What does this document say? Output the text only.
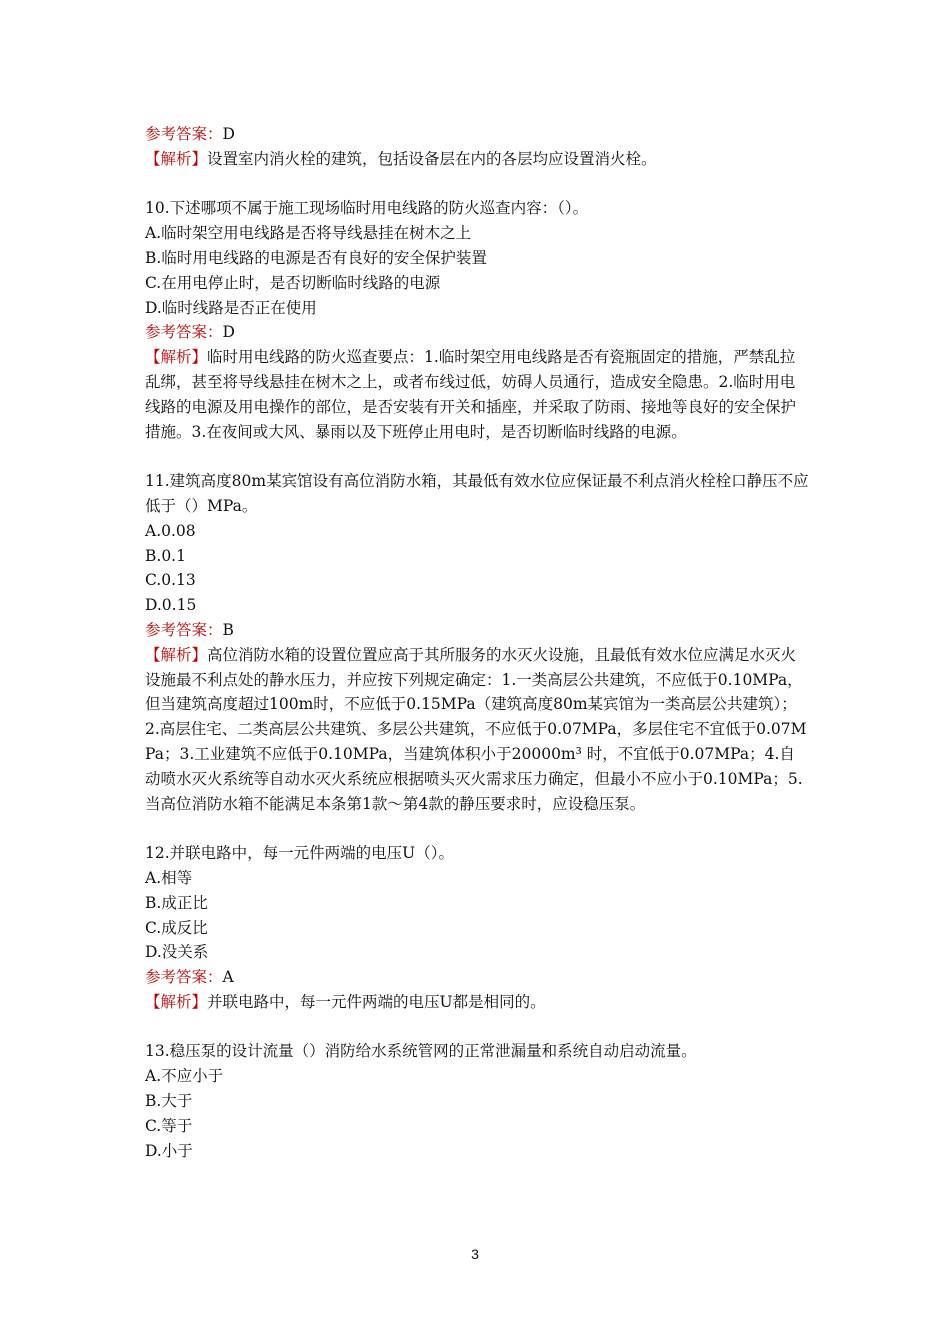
参考答案：D
【解析】设置室内消火栓的建筑，包括设备层在内的各层均应设置消火栓。
10.下述哪项不属于施工现场临时用电线路的防火巡查内容：（）。
A.临时架空用电线路是否将导线悬挂在树木之上
B.临时用电线路的电源是否有良好的安全保护装置
C.在用电停止时，是否切断临时线路的电源
D.临时线路是否正在使用
参考答案：D
【解析】临时用电线路的防火巡查要点：1.临时架空用电线路是否有瓷瓶固定的措施，严禁乱拉乱绑，甚至将导线悬挂在树木之上，或者布线过低，妨碍人员通行，造成安全隐患。2.临时用电线路的电源及用电操作的部位，是否安装有开关和插座，并采取了防雨、接地等良好的安全保护措施。3.在夜间或大风、暴雨以及下班停止用电时，是否切断临时线路的电源。
11.建筑高度80m某宾馆设有高位消防水箱，其最低有效水位应保证最不利点消火栓栓口静压不应低于（）MPa。
A.0.08
B.0.1
C.0.13
D.0.15
参考答案：B
【解析】高位消防水箱的设置位置应高于其所服务的水灭火设施，且最低有效水位应满足水灭火设施最不利点处的静水压力，并应按下列规定确定：1.一类高层公共建筑，不应低于0.10MPa，但当建筑高度超过100m时，不应低于0.15MPa（建筑高度80m某宾馆为一类高层公共建筑）；2.高层住宅、二类高层公共建筑、多层公共建筑，不应低于0.07MPa，多层住宅不宜低于0.07MPa；3.工业建筑不应低于0.10MPa，当建筑体积小于20000m³ 时，不宜低于0.07MPa；4.自动喷水灭火系统等自动水灭火系统应根据喷头灭火需求压力确定，但最小不应小于0.10MPa；5.当高位消防水箱不能满足本条第1款～第4款的静压要求时，应设稳压泵。
12.并联电路中，每一元件两端的电压U（）。
A.相等
B.成正比
C.成反比
D.没关系
参考答案：A
【解析】并联电路中，每一元件两端的电压U都是相同的。
13.稳压泵的设计流量（）消防给水系统管网的正常泄漏量和系统自动启动流量。
A.不应小于
B.大于
C.等于
D.小于
3
